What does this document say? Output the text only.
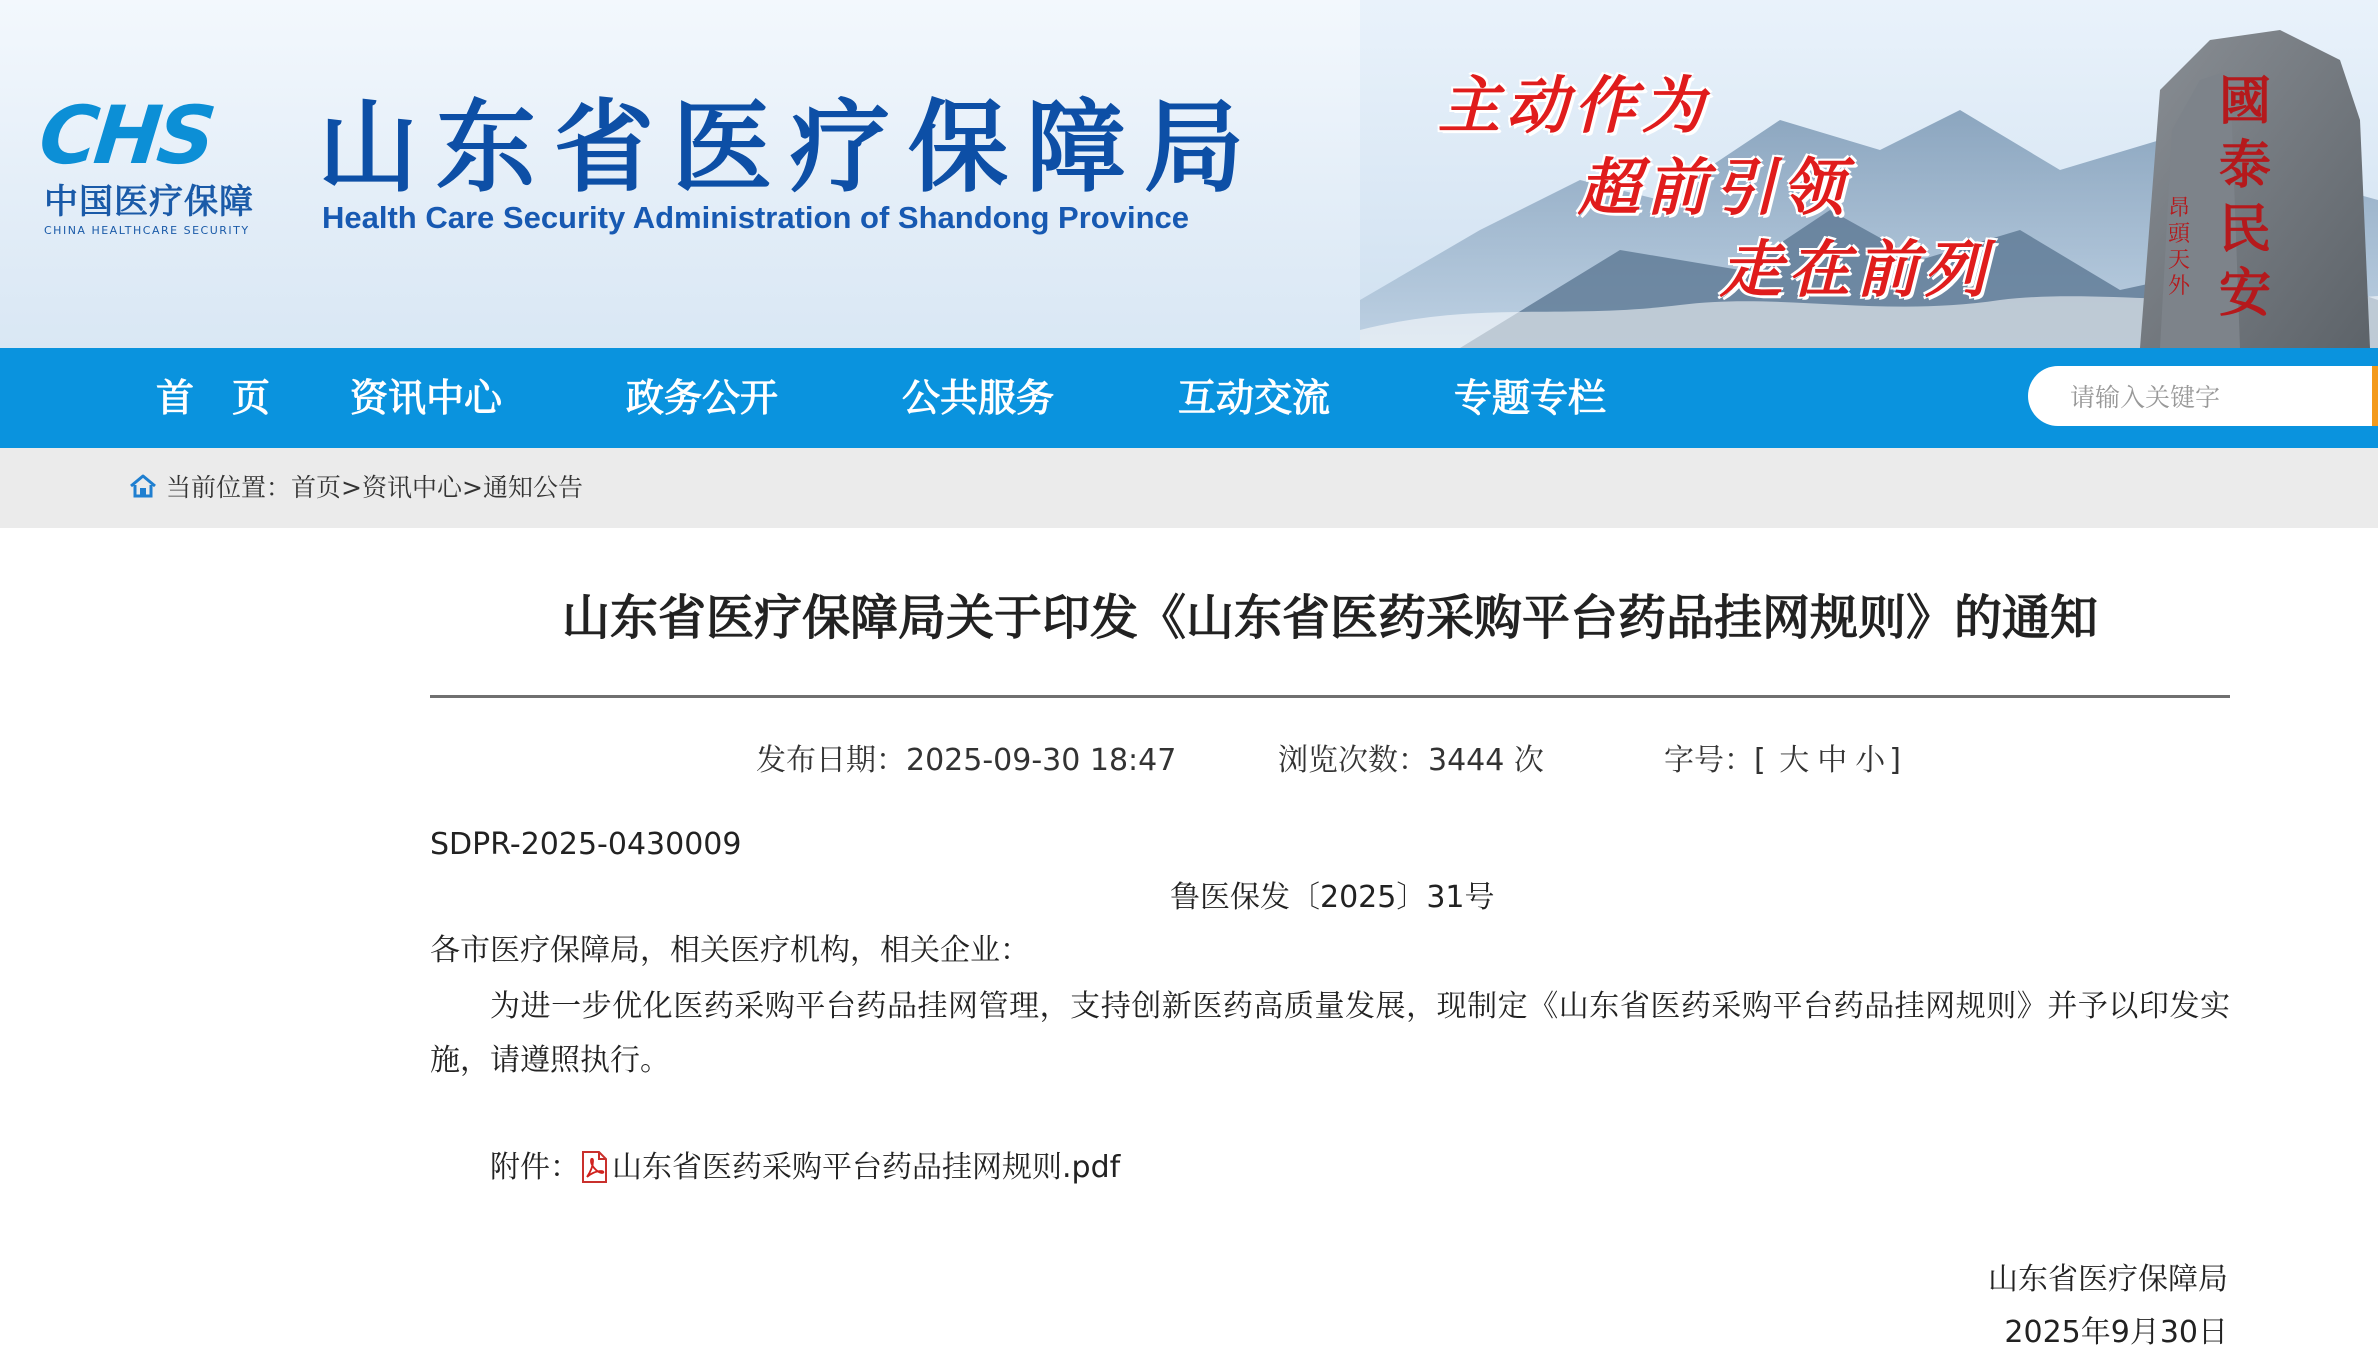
CHS
中国医疗保障
CHINA HEALTHCARE SECURITY
山东省医疗保障局
Health Care Security Administration of Shandong Province
主动作为
超前引领
走在前列
國泰民安
昂頭天外
首　页 资讯中心	政务公开	公共服务	互动交流	专题专栏
请输入关键字
当前位置：首页>资讯中心>通知公告
山东省医疗保障局关于印发《山东省医药采购平台药品挂网规则》的通知
发布日期：2025-09-30 18:47	浏览次数：3444 次	字号：[ 大 中 小 ]
SDPR-2025-0430009
鲁医保发〔2025〕31号
各市医疗保障局，相关医疗机构，相关企业：
为进一步优化医药采购平台药品挂网管理，支持创新医药高质量发展，现制定《山东省医药采购平台药品挂网规则》并予以印发实施，请遵照执行。
附件： 山东省医药采购平台药品挂网规则.pdf
山东省医疗保障局
2025年9月30日
